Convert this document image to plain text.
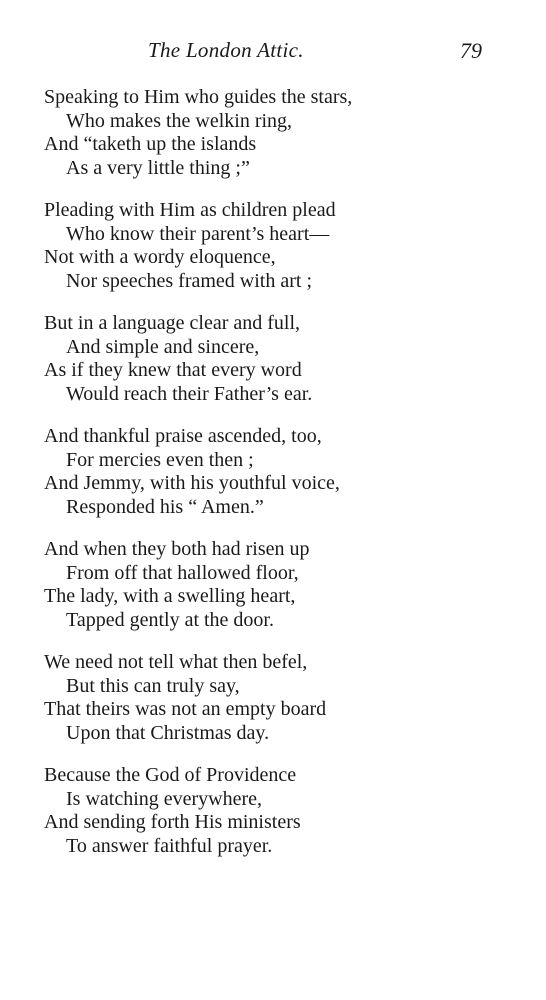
The London Attic.	79
Speaking to Him who guides the stars,
Who makes the welkin ring,
And “taketh up the islands
As a very little thing ;”
Pleading with Him as children plead
Who know their parent’s heart—
Not with a wordy eloquence,
Nor speeches framed with art ;
But in a language clear and full,
And simple and sincere,
As if they knew that every word
Would reach their Father’s ear.
And thankful praise ascended, too,
For mercies even then ;
And Jemmy, with his youthful voice,
Responded his “ Amen.”
And when they both had risen up
From off that hallowed floor,
The lady, with a swelling heart,
Tapped gently at the door.
We need not tell what then befel,
But this can truly say,
That theirs was not an empty board
Upon that Christmas day.
Because the God of Providence
Is watching everywhere,
And sending forth His ministers
To answer faithful prayer.
